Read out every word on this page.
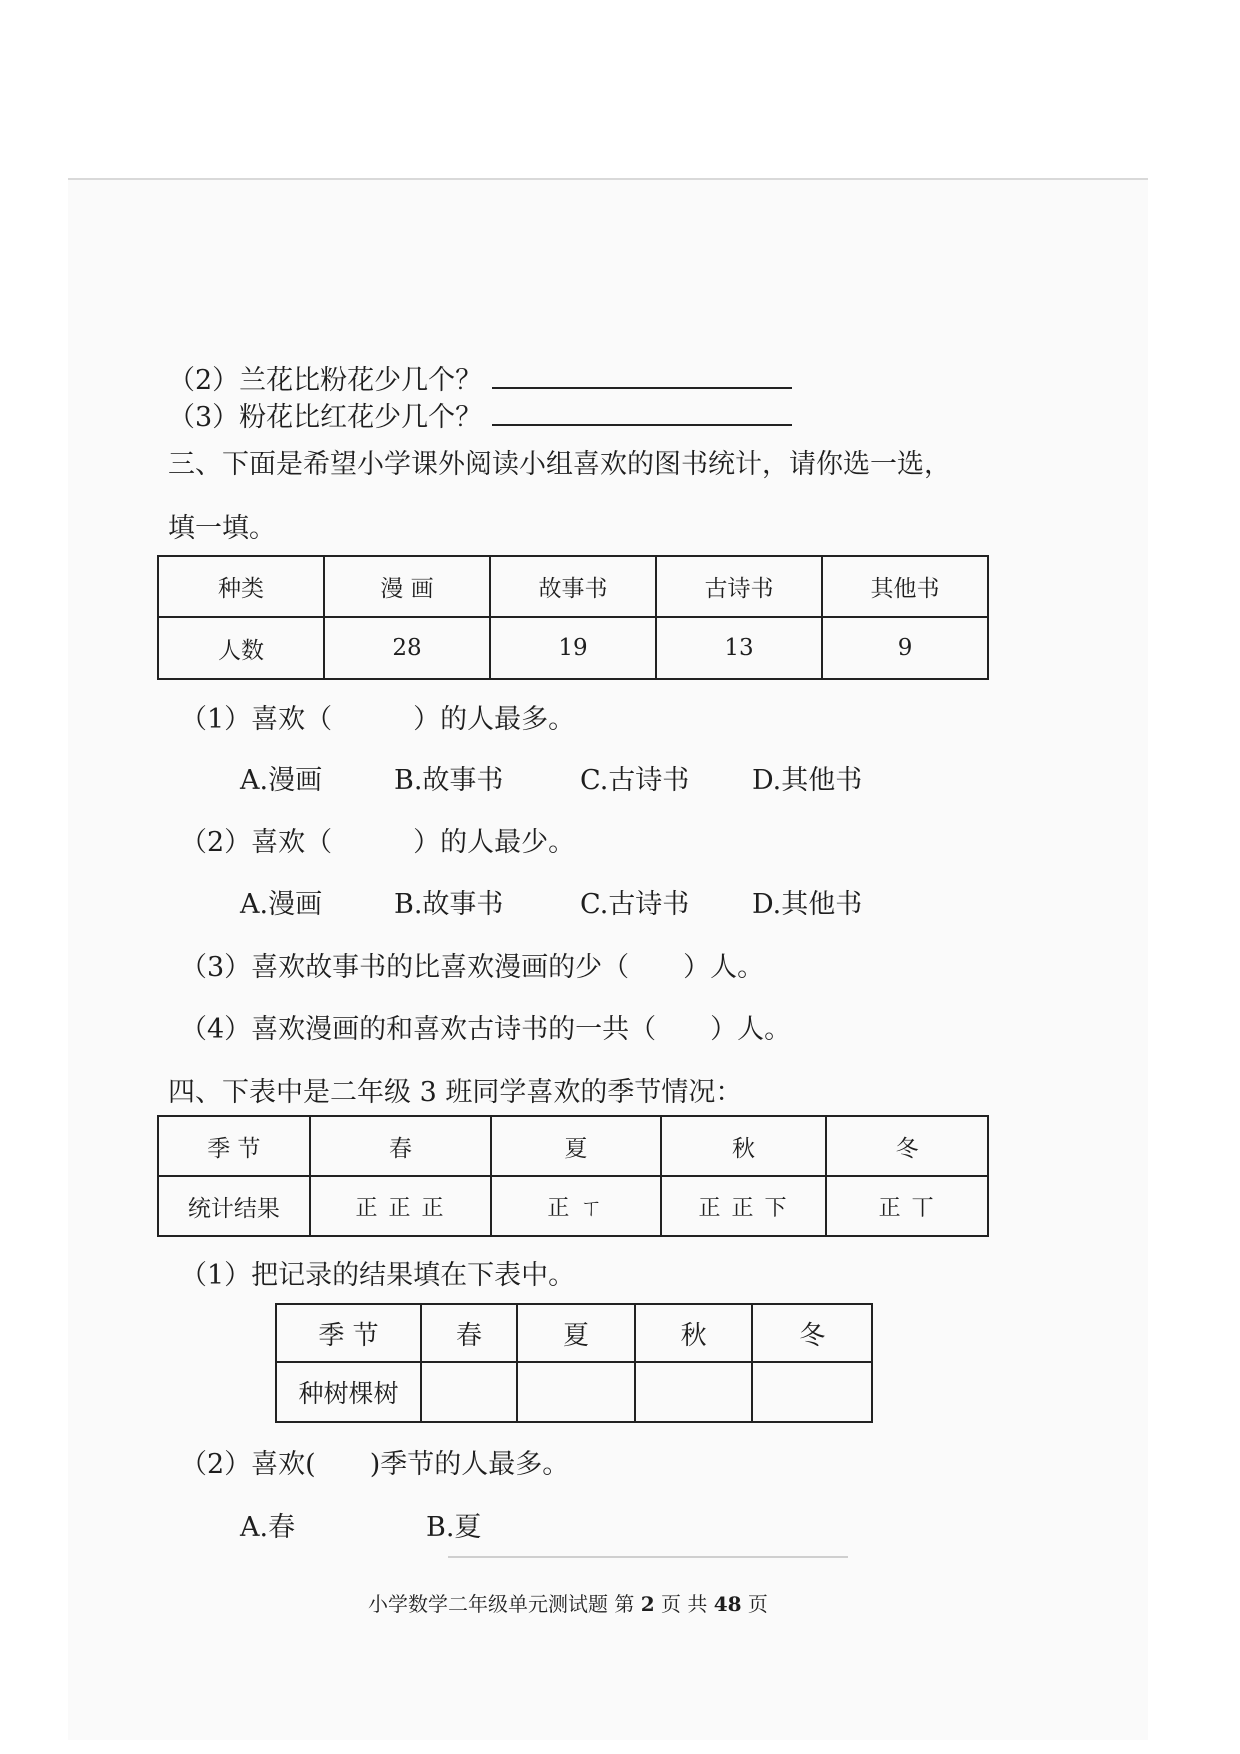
（2）兰花比粉花少几个？
（3）粉花比红花少几个？
三、下面是希望小学课外阅读小组喜欢的图书统计，请你选一选，
填一填。
种类	漫 画	故事书	古诗书	其他书
人数	28	19	13	9
（1）喜欢（　　　）的人最多。
A.漫画	B.故事书	C.古诗书 D.其他书
（2）喜欢（　　　）的人最少。
A.漫画	B.故事书	C.古诗书 D.其他书
（3）喜欢故事书的比喜欢漫画的少（　　）人。
（4）喜欢漫画的和喜欢古诗书的一共（　　）人。
四、下表中是二年级 3 班同学喜欢的季节情况：
季 节	春	夏	秋	冬
统计结果	正 正 正	正 ㄒ	正 正 下	正 丅
（1）把记录的结果填在下表中。
季 节	春	夏	秋	冬
种树棵树				
（2）喜欢(　　)季节的人最多。
A.春	B.夏
小学数学二年级单元测试题 第 2 页 共 48 页
